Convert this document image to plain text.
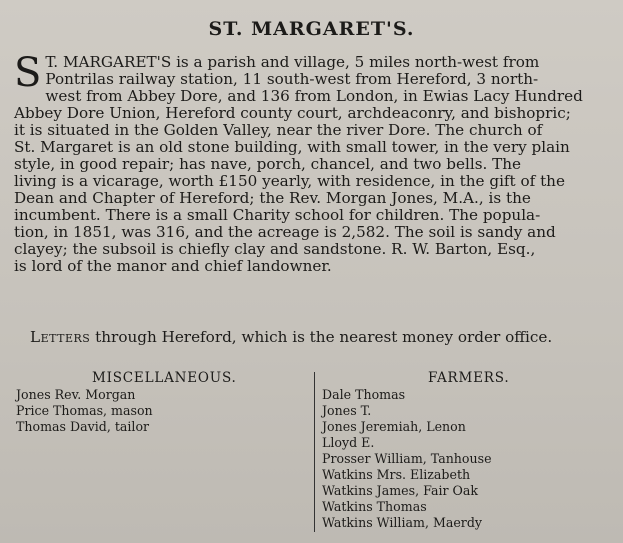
ST. MARGARET'S.
S T. MARGARET'S is a parish and village, 5 miles north-west from
Pontrilas railway station, 11 south-west from Hereford, 3 north-
west from Abbey Dore, and 136 from London, in Ewias Lacy Hundred
Abbey Dore Union, Hereford county court, archdeaconry, and bishopric;
it is situated in the Golden Valley, near the river Dore. The church of
St. Margaret is an old stone building, with small tower, in the very plain
style, in good repair; has nave, porch, chancel, and two bells. The
living is a vicarage, worth £150 yearly, with residence, in the gift of the
Dean and Chapter of Hereford; the Rev. Morgan Jones, M.A., is the
incumbent. There is a small Charity school for children. The popula-
tion, in 1851, was 316, and the acreage is 2,582. The soil is sandy and
clayey; the subsoil is chiefly clay and sandstone. R. W. Barton, Esq.,
is lord of the manor and chief landowner.
Letters through Hereford, which is the nearest money order office.
MISCELLANEOUS.	FARMERS.
Jones Rev. Morgan
Price Thomas, mason
Thomas David, tailor
Dale Thomas
Jones T.
Jones Jeremiah, Lenon
Lloyd E.
Prosser William, Tanhouse
Watkins Mrs. Elizabeth
Watkins James, Fair Oak
Watkins Thomas
Watkins William, Maerdy
